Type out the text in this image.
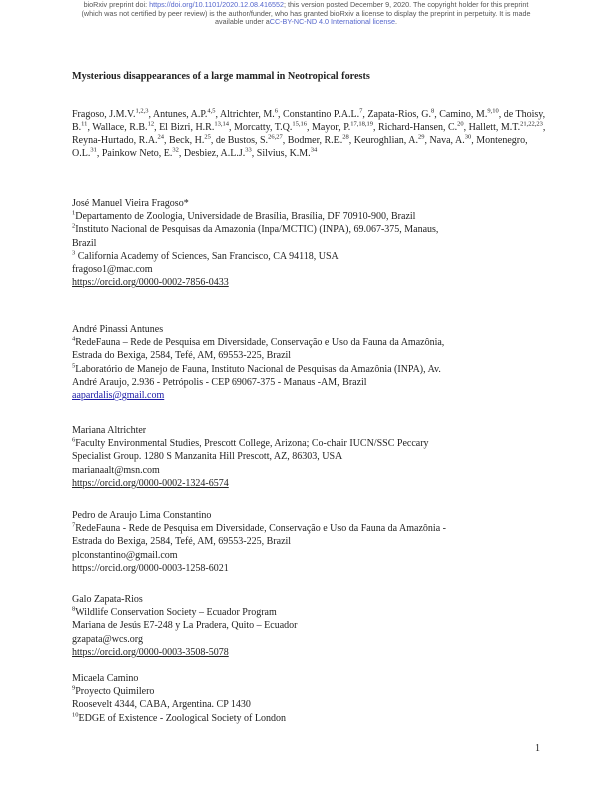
bioRxiv preprint doi: https://doi.org/10.1101/2020.12.08.416552; this version posted December 9, 2020. The copyright holder for this preprint
(which was not certified by peer review) is the author/funder, who has granted bioRxiv a license to display the preprint in perpetuity. It is made
available under aCC-BY-NC-ND 4.0 International license.

Mysterious disappearances of a large mammal in Neotropical forests

Fragoso, J.M.V.$^{1,2,3}$, Antunes, A.P.$^{4,5}$, Altrichter, M.$^6$, Constantino P.A.L.$^7$, Zapata-Rios, G.$^8$, Camino, M.$^{9,10}$, de Thoisy, B.$^{11}$, Wallace, R.B.$^{12}$, El Bizri, H.R.$^{13,14}$, Morcatty, T.Q.$^{15,16}$, Mayor, P.$^{17,18,19}$, Richard-Hansen, C.$^{20}$, Hallett, M.T.$^{21,22,23}$, Reyna-Hurtado, R.A.$^{24}$, Beck, H.$^{25}$, de Bustos, S.$^{26,27}$, Bodmer, R.E.$^{28}$, Keuroghlian, A.$^{29}$, Nava, A.$^{30}$, Montenegro, O.L.$^{31}$, Painkow Neto, E.$^{32}$, Desbiez, A.L.J.$^{33}$, Silvius, K.M.$^{34}$

José Manuel Vieira Fragoso*

$^1$Departamento de Zoologia, Universidade de Brasília, Brasília, DF 70910-900, Brazil

$^2$Instituto Nacional de Pesquisas da Amazonia (Inpa/MCTIC) (INPA), 69.067-375, Manaus,

Brazil

$^3$ California Academy of Sciences, San Francisco, CA 94118, USA

fragoso1@mac.com

https://orcid.org/0000-0002-7856-0433

André Pinassi Antunes

$^4$RedeFauna – Rede de Pesquisa em Diversidade, Conservação e Uso da Fauna da Amazônia,

Estrada do Bexiga, 2584, Tefé, AM, 69553-225, Brazil

$^5$Laboratório de Manejo de Fauna, Instituto Nacional de Pesquisas da Amazônia (INPA), Av.

André Araujo, 2.936 - Petrópolis - CEP 69067-375 - Manaus -AM, Brazil

aapardalis@gmail.com

Mariana Altrichter

$^6$Faculty Environmental Studies, Prescott College, Arizona; Co-chair IUCN/SSC Peccary

Specialist Group. 1280 S Manzanita Hill Prescott, AZ, 86303, USA

marianaalt@msn.com

https://orcid.org/0000-0002-1324-6574

Pedro de Araujo Lima Constantino

$^7$RedeFauna - Rede de Pesquisa em Diversidade, Conservação e Uso da Fauna da Amazônia -

Estrada do Bexiga, 2584, Tefé, AM, 69553-225, Brazil

plconstantino@gmail.com

https://orcid.org/0000-0003-1258-6021

Galo Zapata-Rios

$^8$Wildlife Conservation Society – Ecuador Program

Mariana de Jesús E7-248 y La Pradera, Quito – Ecuador

gzapata@wcs.org

https://orcid.org/0000-0003-3508-5078

Micaela Camino

$^9$Proyecto Quimilero

Roosevelt 4344, CABA, Argentina. CP 1430

$^{10}$EDGE of Existence - Zoological Society of London

1
